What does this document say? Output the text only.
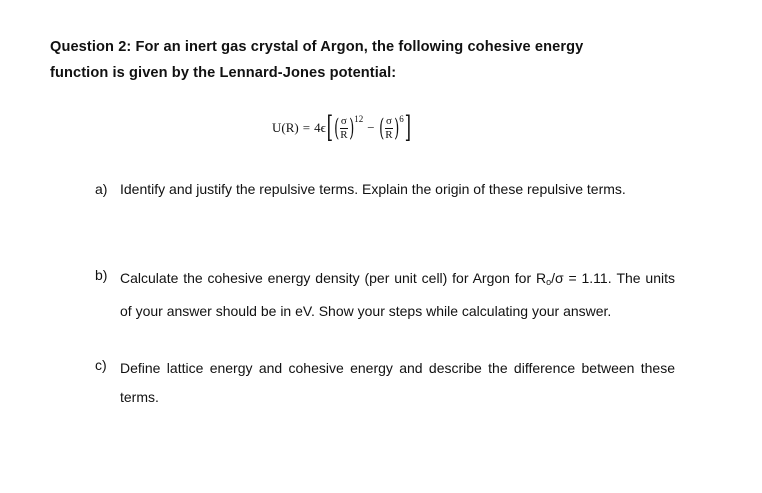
Question 2: For an inert gas crystal of Argon, the following cohesive energy
function is given by the Lennard-Jones potential:
U(R) = 4ϵ [ ( $\frac{\sigma}{R}$ ) 12
− ( $\frac{\sigma}{R}$ ) 6 ]
a) Identify and justify the repulsive terms. Explain the origin of these repulsive terms.

b) Calculate the cohesive energy density (per unit cell) for Argon for $R_o/\sigma = 1.11$. The units of your answer should be in eV. Show your steps while calculating your answer.

c) Define lattice energy and cohesive energy and describe the difference between these terms.
